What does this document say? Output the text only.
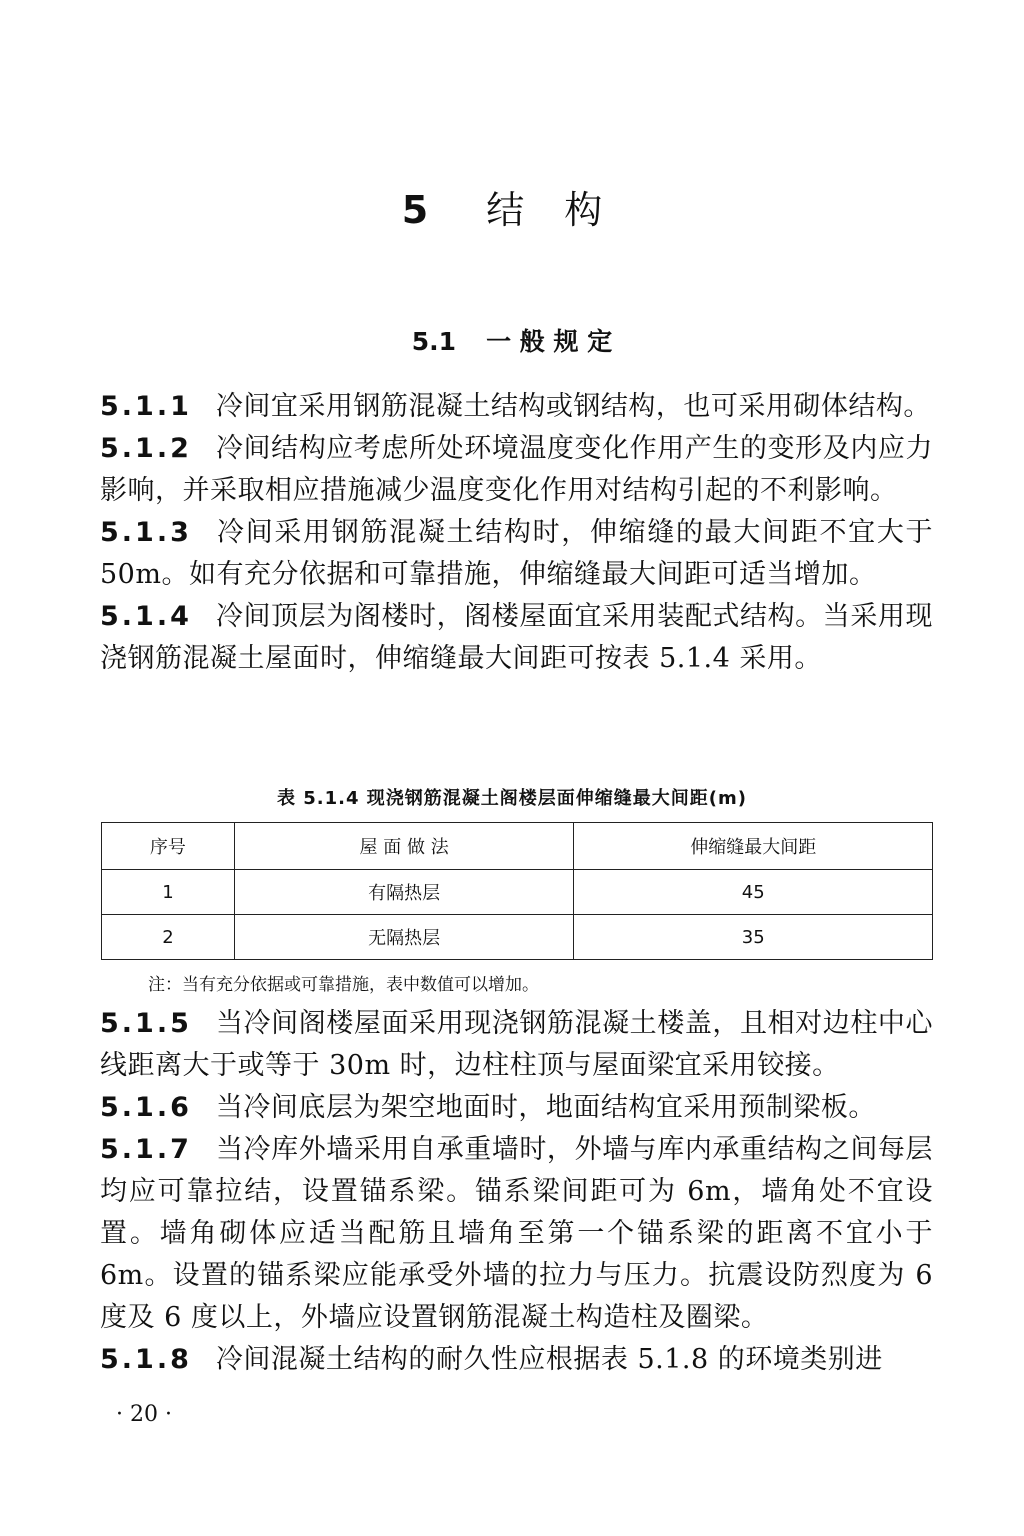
5 结 构
5.1 一 般 规 定

5.1.1 冷间宜采用钢筋混凝土结构或钢结构，也可采用砌体结构。

5.1.2 冷间结构应考虑所处环境温度变化作用产生的变形及内应力影响，并采取相应措施减少温度变化作用对结构引起的不利影响。

5.1.3 冷间采用钢筋混凝土结构时，伸缩缝的最大间距不宜大于 50m。如有充分依据和可靠措施，伸缩缝最大间距可适当增加。

5.1.4 冷间顶层为阁楼时，阁楼屋面宜采用装配式结构。当采用现浇钢筋混凝土屋面时，伸缩缝最大间距可按表 5.1.4 采用。

表 5.1.4 现浇钢筋混凝土阁楼层面伸缩缝最大间距(m)
序号	屋 面 做 法	伸缩缝最大间距
1	有隔热层	45
2	无隔热层	35
注：当有充分依据或可靠措施，表中数值可以增加。

5.1.5 当冷间阁楼屋面采用现浇钢筋混凝土楼盖，且相对边柱中心线距离大于或等于 30m 时，边柱柱顶与屋面梁宜采用铰接。

5.1.6 当冷间底层为架空地面时，地面结构宜采用预制梁板。

5.1.7 当冷库外墙采用自承重墙时，外墙与库内承重结构之间每层均应可靠拉结，设置锚系梁。锚系梁间距可为 6m，墙角处不宜设置。墙角砌体应适当配筋且墙角至第一个锚系梁的距离不宜小于 6m。设置的锚系梁应能承受外墙的拉力与压力。抗震设防烈度为 6 度及 6 度以上，外墙应设置钢筋混凝土构造柱及圈梁。

5.1.8 冷间混凝土结构的耐久性应根据表 5.1.8 的环境类别进

· 20 ·
